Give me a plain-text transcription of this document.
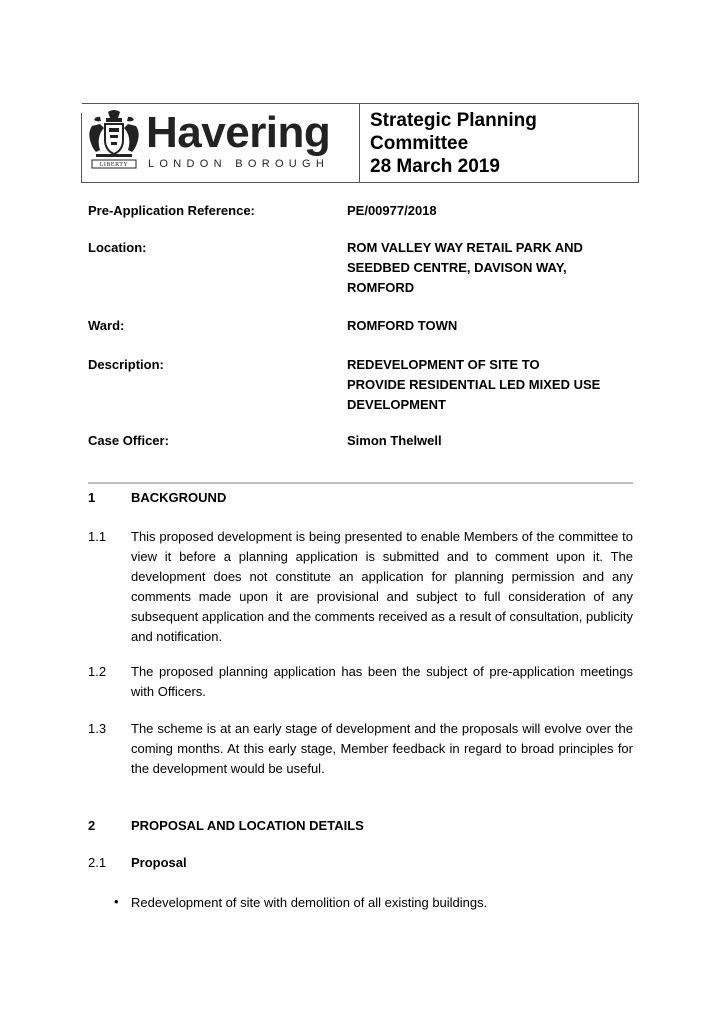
LIBERTY
Havering
LONDON BOROUGH
Strategic Planning
Committee
28 March 2019
Pre-Application Reference:	PE/00977/2018
Location:	ROM VALLEY WAY RETAIL PARK AND
SEEDBED CENTRE, DAVISON WAY,
ROMFORD
Ward:	ROMFORD TOWN
Description:	REDEVELOPMENT OF SITE TO
PROVIDE RESIDENTIAL LED MIXED USE
DEVELOPMENT
Case Officer:	Simon Thelwell
1	BACKGROUND
1.1 This proposed development is being presented to enable Members of the committee to view it before a planning application is submitted and to comment upon it. The development does not constitute an application for planning permission and any comments made upon it are provisional and subject to full consideration of any subsequent application and the comments received as a result of consultation, publicity and notification.
1.2 The proposed planning application has been the subject of pre-application meetings with Officers.
1.3 The scheme is at an early stage of development and the proposals will evolve over the coming months. At this early stage, Member feedback in regard to broad principles for the development would be useful.
2	PROPOSAL AND LOCATION DETAILS
2.1 Proposal
• Redevelopment of site with demolition of all existing buildings.
